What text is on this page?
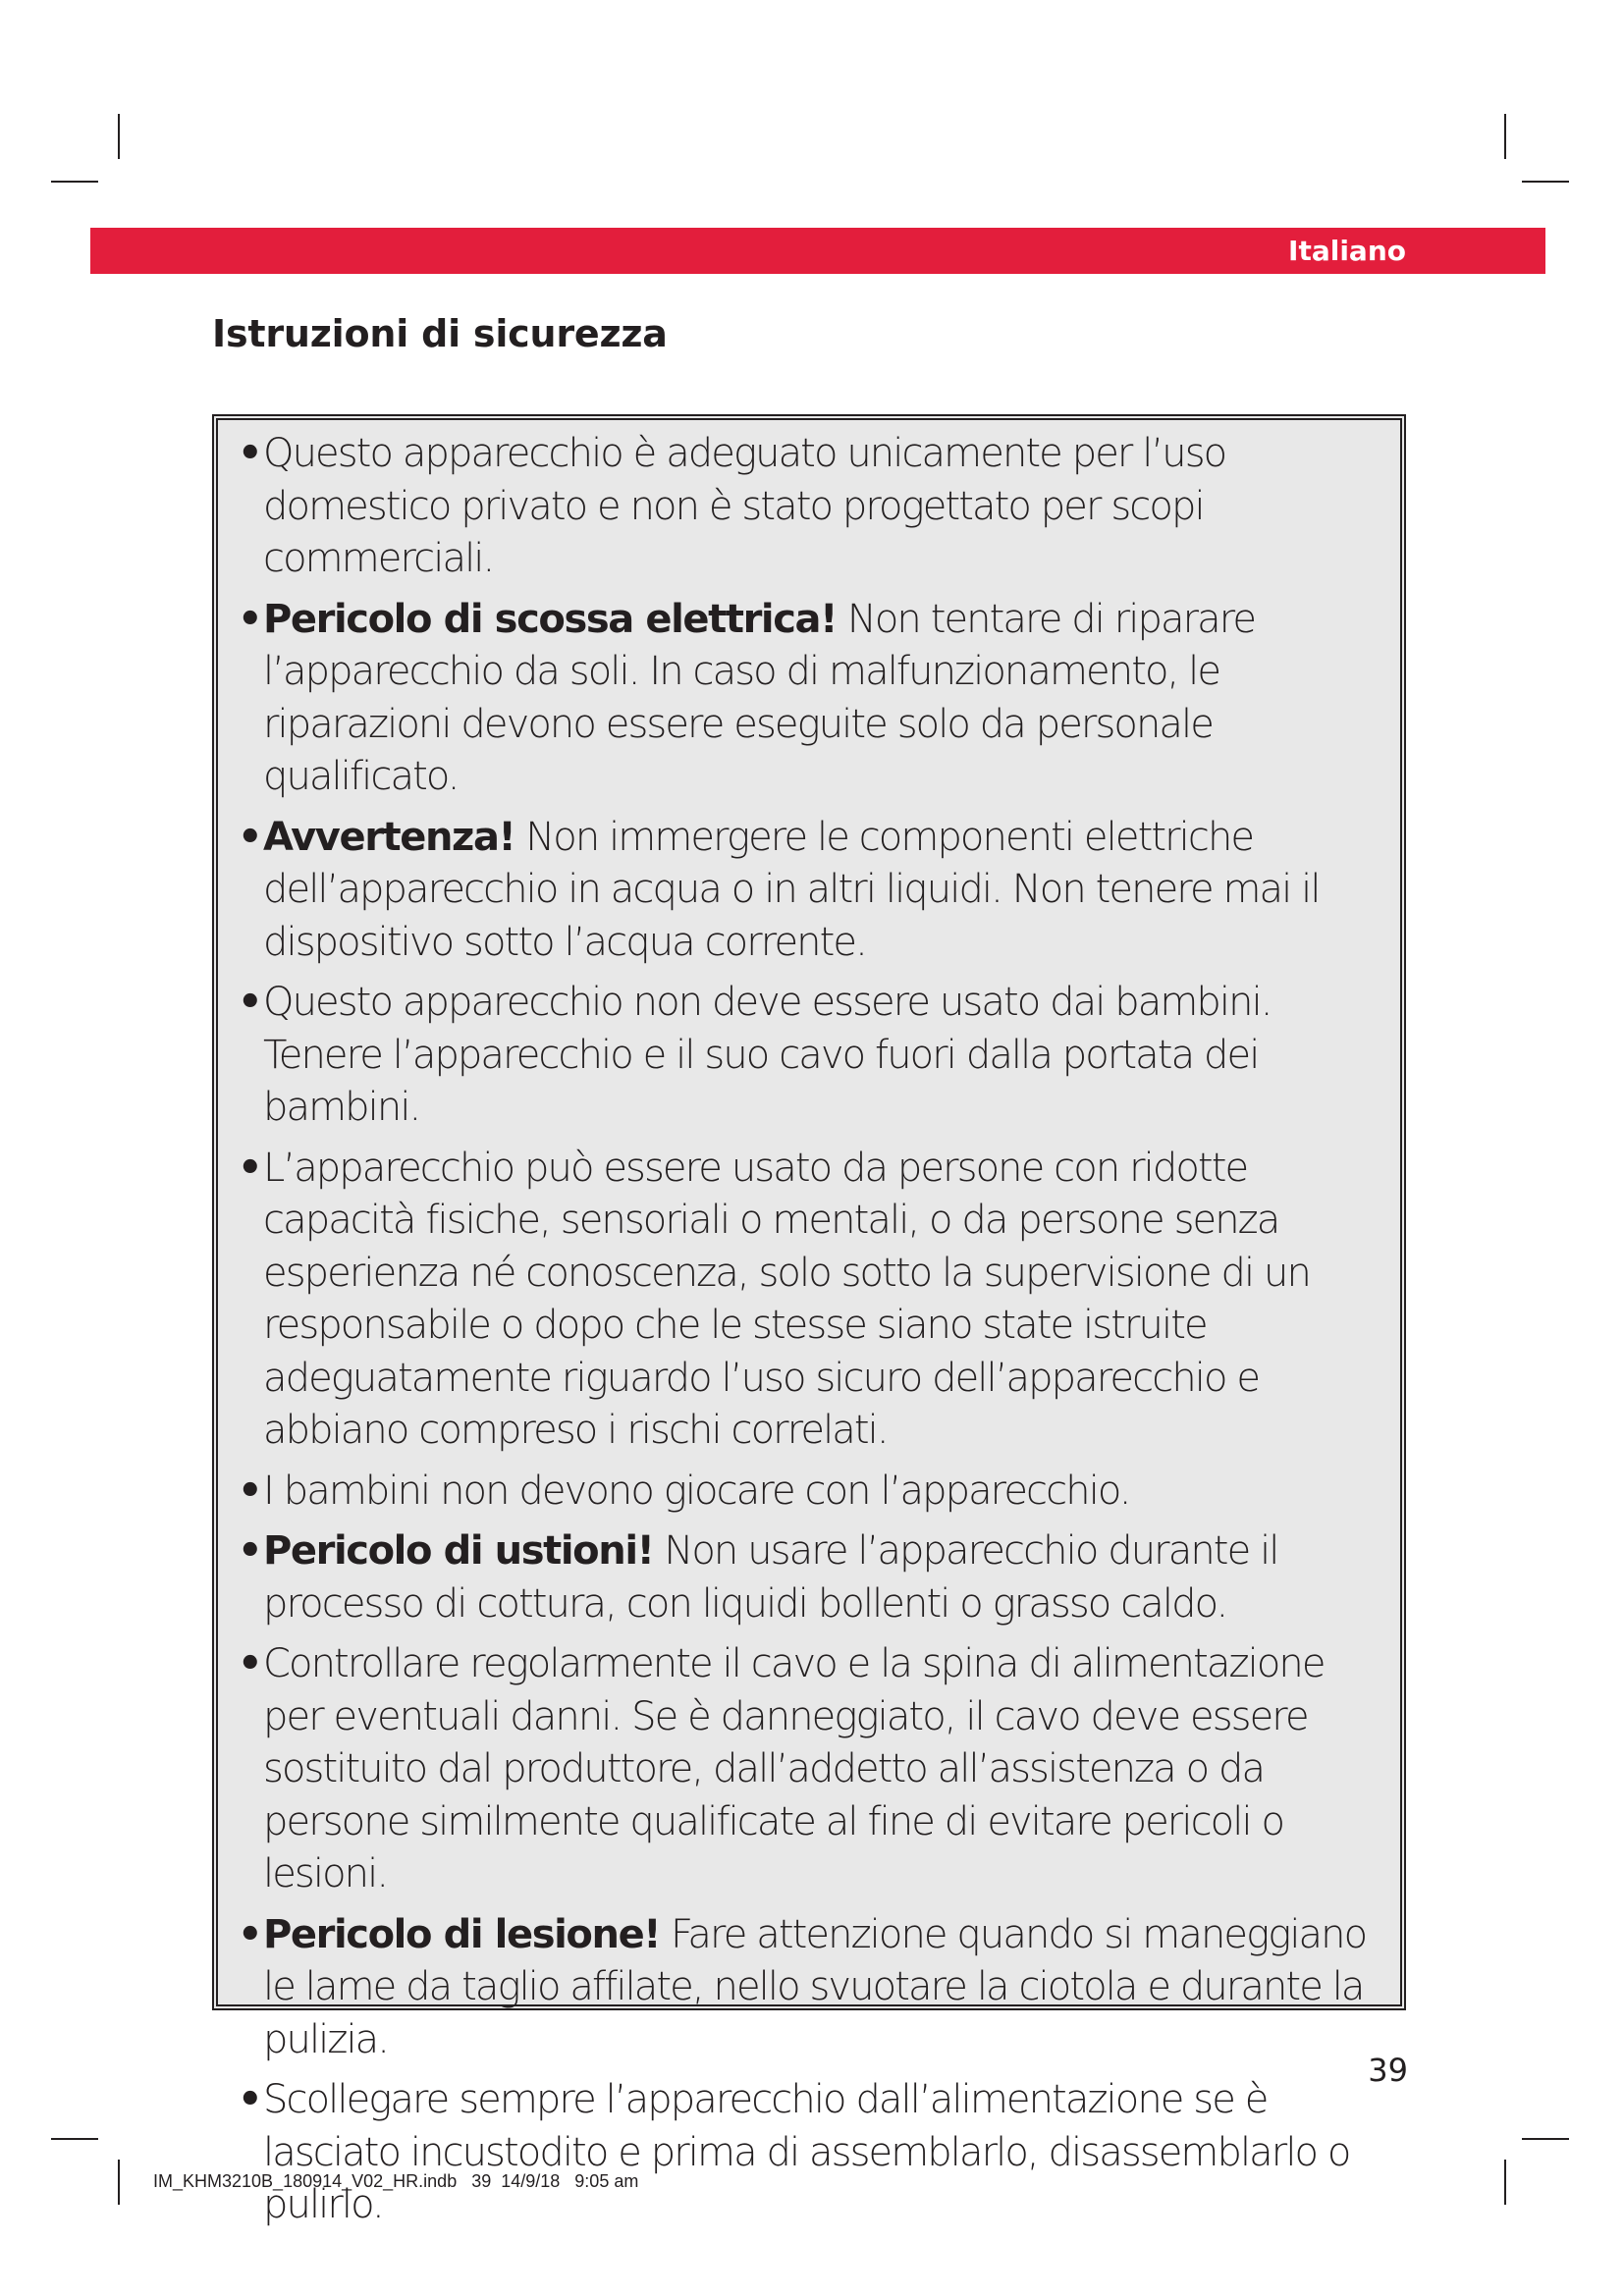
Italiano
Istruzioni di sicurezza
• Questo apparecchio è adeguato unicamente per l’uso domestico privato e non è stato progettato per scopi commerciali.
• Pericolo di scossa elettrica! Non tentare di riparare l’apparecchio da soli. In caso di malfunzionamento, le riparazioni devono essere eseguite solo da personale qualificato.
• Avvertenza! Non immergere le componenti elettriche dell’apparecchio in acqua o in altri liquidi. Non tenere mai il dispositivo sotto l’acqua corrente.
• Questo apparecchio non deve essere usato dai bambini. Tenere l’apparecchio e il suo cavo fuori dalla portata dei bambini.
• L’apparecchio può essere usato da persone con ridotte capacità fisiche, sensoriali o mentali, o da persone senza esperienza né conoscenza, solo sotto la supervisione di un responsabile o dopo che le stesse siano state istruite adeguatamente riguardo l’uso sicuro dell’apparecchio e abbiano compreso i rischi correlati.
• I bambini non devono giocare con l’apparecchio.
• Pericolo di ustioni! Non usare l’apparecchio durante il processo di cottura, con liquidi bollenti o grasso caldo.
• Controllare regolarmente il cavo e la spina di alimentazione per eventuali danni. Se è danneggiato, il cavo deve essere sostituito dal produttore, dall’addetto all’assistenza o da persone similmente qualificate al fine di evitare pericoli o lesioni.
• Pericolo di lesione! Fare attenzione quando si maneggiano le lame da taglio affilate, nello svuotare la ciotola e durante la pulizia.
• Scollegare sempre l’apparecchio dall’alimentazione se è lasciato incustodito e prima di assemblarlo, disassemblarlo o pulirlo.
39
IM_KHM3210B_180914_V02_HR.indb   39  14/9/18   9:05 am
